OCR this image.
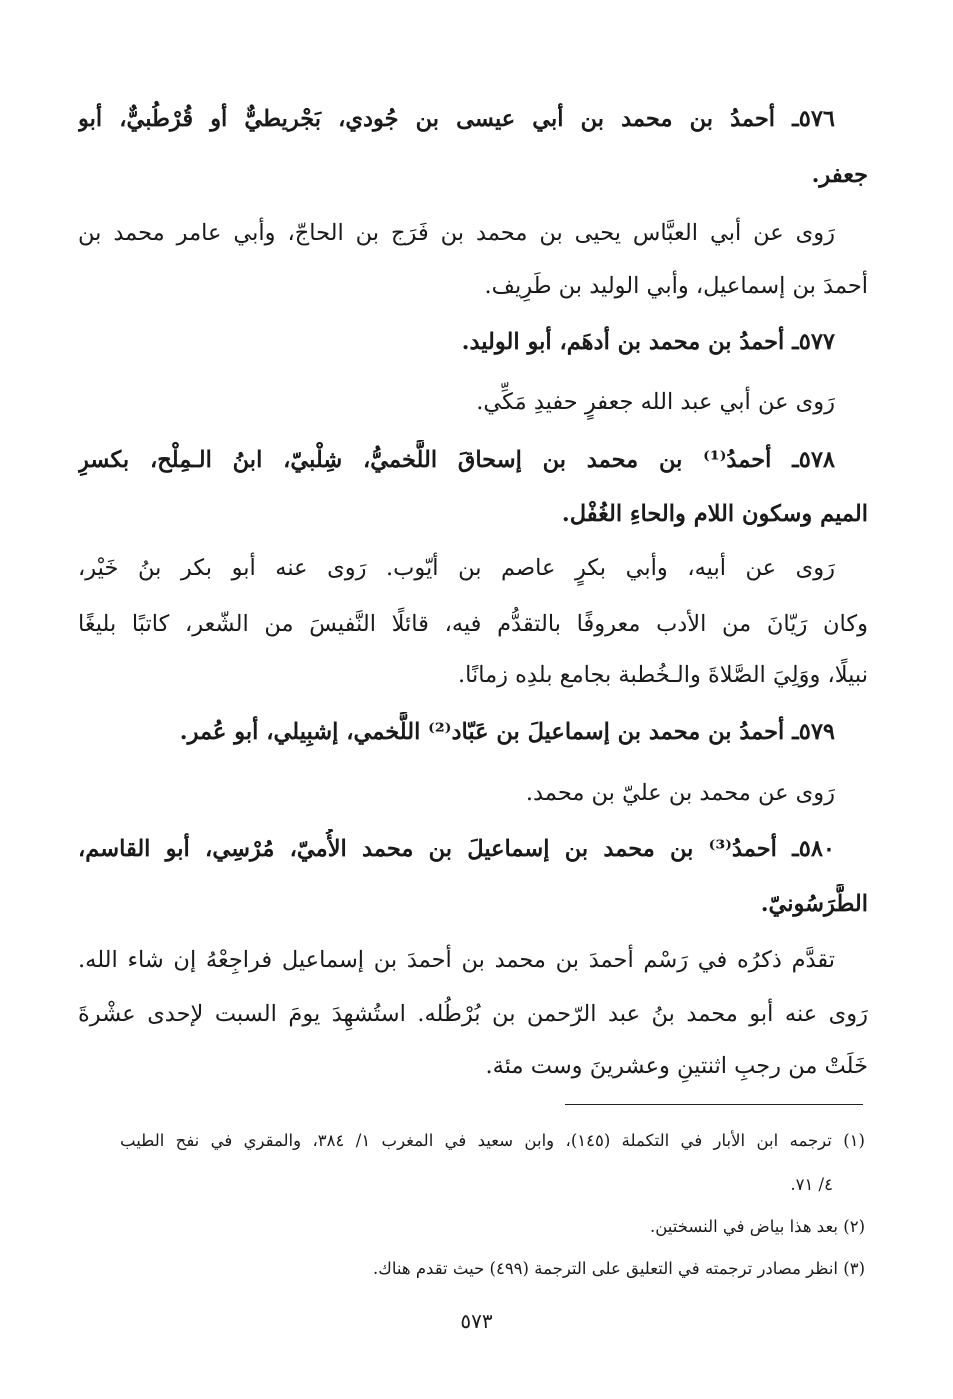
٥٧٦ـ أحمدُ بن محمد بن أبي عيسى بن جُودي، بَجْريطيٌّ أو قُرْطُبيٌّ، أبو
جعفر.
رَوى عن أبي العبَّاس يحيى بن محمد بن فَرَج بن الحاجّ، وأبي عامر محمد بن
أحمدَ بن إسماعيل، وأبي الوليد بن طَرِيف.
٥٧٧ـ أحمدُ بن محمد بن أدهَم، أبو الوليد.
رَوى عن أبي عبد الله جعفرٍ حفيدِ مَكِّي.
٥٧٨ـ أحمدُ⁽¹⁾ بن محمد بن إسحاقَ اللَّخميُّ، شِلْبيّ، ابنُ الـمِلْح، بكسرِ
الميم وسكون اللام والحاءِ الغُفْل.
رَوى عن أبيه، وأبي بكرٍ عاصم بن أيّوب. رَوى عنه أبو بكر بنُ خَيْر،
وكان رَيّانَ من الأدب معروفًا بالتقدُّم فيه، قائلًا النَّفيسَ من الشّعر، كاتبًا بليغًا
نبيلًا، ووَلِيَ الصَّلاةَ والـخُطبة بجامع بلدِه زمانًا.
٥٧٩ـ أحمدُ بن محمد بن إسماعيلَ بن عَبّاد⁽²⁾ اللَّخمي، إشبِيلي، أبو عُمر.
رَوى عن محمد بن عليّ بن محمد.
٥٨٠ـ أحمدُ⁽³⁾ بن محمد بن إسماعيلَ بن محمد الأُميّ، مُرْسِي، أبو القاسم،
الطَّرَسُونيّ.
تقدَّم ذكرُه في رَسْم أحمدَ بن محمد بن أحمدَ بن إسماعيل فراجِعْهُ إن شاء الله.
رَوى عنه أبو محمد بنُ عبد الرّحمن بن بُرْطُله. استُشهِدَ يومَ السبت لإحدى عشْرةَ
خَلَتْ من رجبِ اثنتينِ وعشرينَ وست مئة.
(١) ترجمه ابن الأبار في التكملة (١٤٥)، وابن سعيد في المغرب ١/ ٣٨٤، والمقري في نفح الطيب
٤/ ٧١.
(٢) بعد هذا بياض في النسختين.
(٣) انظر مصادر ترجمته في التعليق على الترجمة (٤٩٩) حيث تقدم هناك.
٥٧٣
